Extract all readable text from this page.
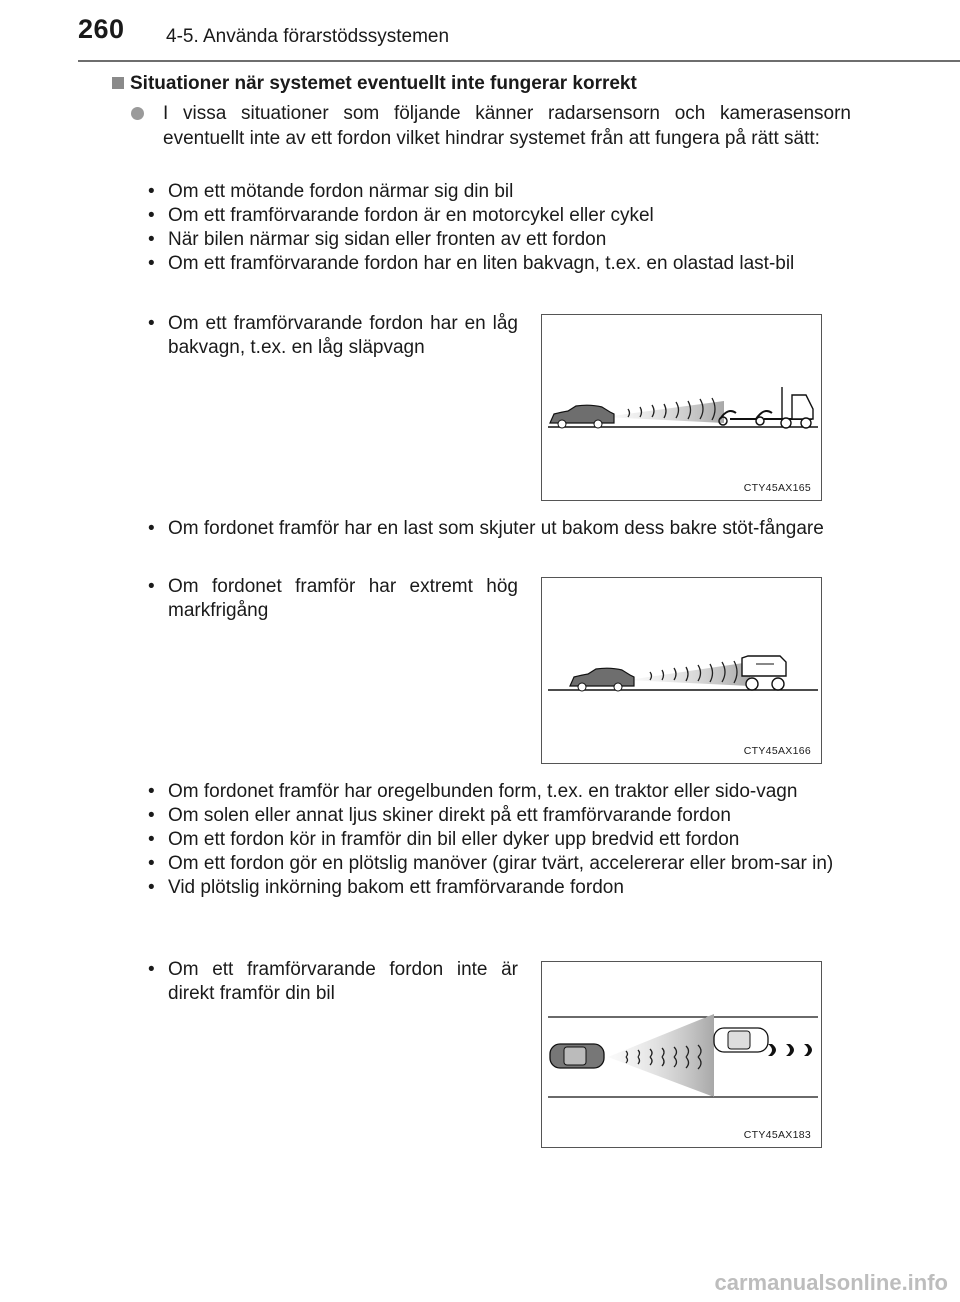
260 4-5. Använda förarstödssystemen
Situationer när systemet eventuellt inte fungerar korrekt
I vissa situationer som följande känner radarsensorn och kamerasensorn eventuellt inte av ett fordon vilket hindrar systemet från att fungera på rätt sätt:
• Om ett mötande fordon närmar sig din bil
• Om ett framförvarande fordon är en motorcykel eller cykel
• När bilen närmar sig sidan eller fronten av ett fordon
• Om ett framförvarande fordon har en liten bakvagn, t.ex. en olastad last-bil
• Om ett framförvarande fordon har en låg bakvagn, t.ex. en låg släpvagn
CTY45AX165
• Om fordonet framför har en last som skjuter ut bakom dess bakre stöt-fångare
• Om fordonet framför har extremt hög markfrigång
CTY45AX166
• Om fordonet framför har oregelbunden form, t.ex. en traktor eller sido-vagn
• Om solen eller annat ljus skiner direkt på ett framförvarande fordon
• Om ett fordon kör in framför din bil eller dyker upp bredvid ett fordon
• Om ett fordon gör en plötslig manöver (girar tvärt, accelererar eller brom-sar in)
• Vid plötslig inkörning bakom ett framförvarande fordon
• Om ett framförvarande fordon inte är direkt framför din bil
CTY45AX183
carmanualsonline.info
